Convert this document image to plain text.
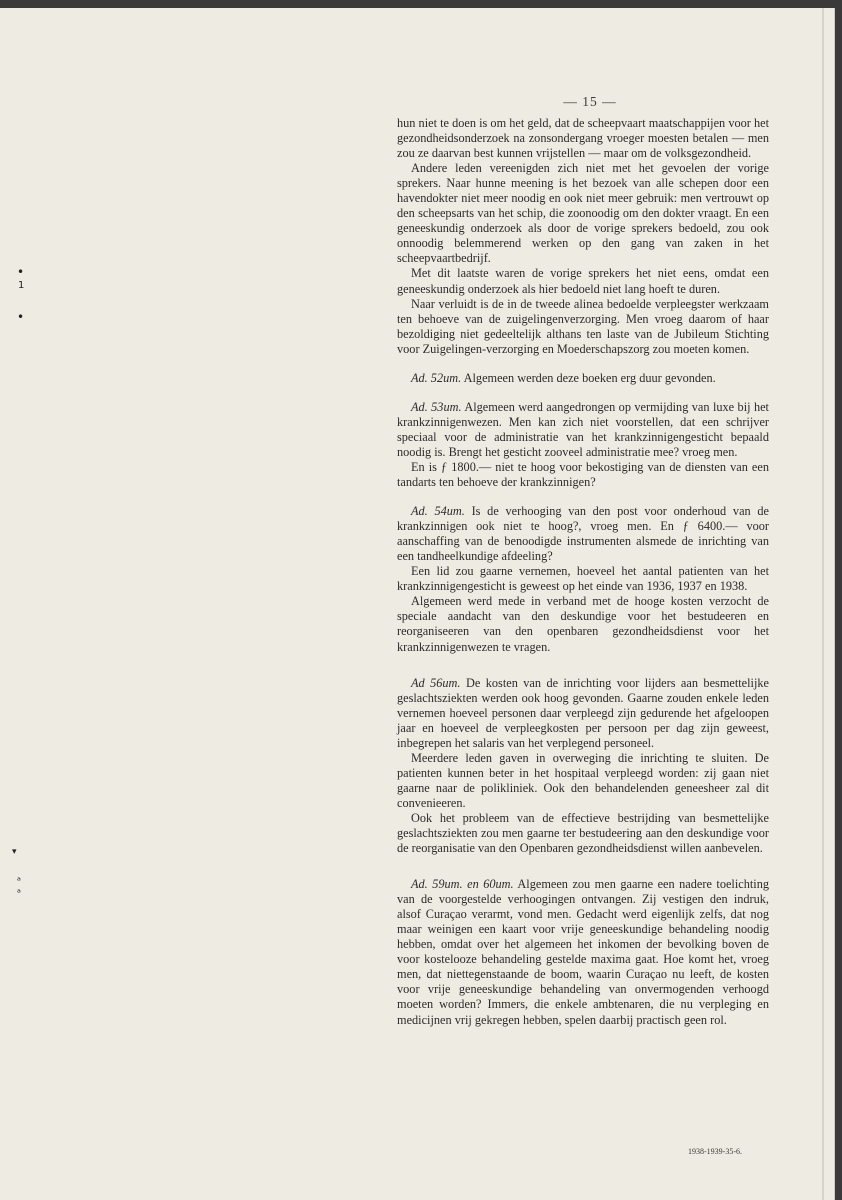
— 15 —
•
1
•
▾
ᵃ
ᵃ

hun niet te doen is om het geld, dat de scheepvaart maatschappijen voor het gezondheidsonderzoek na zonsondergang vroeger moesten betalen — men zou ze daarvan best kunnen vrijstellen — maar om de volksgezondheid.

Andere leden vereenigden zich niet met het gevoelen der vorige sprekers. Naar hunne meening is het bezoek van alle schepen door een havendokter niet meer noodig en ook niet meer gebruik: men vertrouwt op den scheepsarts van het schip, die zoonoodig om den dokter vraagt. En een geneeskundig onderzoek als door de vorige sprekers bedoeld, zou ook onnoodig belemmerend werken op den gang van zaken in het scheepvaartbedrijf.

Met dit laatste waren de vorige sprekers het niet eens, omdat een geneeskundig onderzoek als hier bedoeld niet lang hoeft te duren.

Naar verluidt is de in de tweede alinea bedoelde verpleegster werkzaam ten behoeve van de zuigelingenverzorging. Men vroeg daarom of haar bezoldiging niet gedeeltelijk althans ten laste van de Jubileum Stichting voor Zuigelingen-verzorging en Moederschapszorg zou moeten komen.

Ad. 52um. Algemeen werden deze boeken erg duur gevonden.

Ad. 53um. Algemeen werd aangedrongen op vermijding van luxe bij het krankzinnigenwezen. Men kan zich niet voorstellen, dat een schrijver speciaal voor de administratie van het krankzinnigengesticht bepaald noodig is. Brengt het gesticht zooveel administratie mee? vroeg men.

En is ƒ 1800.— niet te hoog voor bekostiging van de diensten van een tandarts ten behoeve der krankzinnigen?

Ad. 54um. Is de verhooging van den post voor onderhoud van de krankzinnigen ook niet te hoog?, vroeg men. En ƒ 6400.— voor aanschaffing van de benoodigde instrumenten alsmede de inrichting van een tandheelkundige afdeeling?

Een lid zou gaarne vernemen, hoeveel het aantal patienten van het krankzinnigengesticht is geweest op het einde van 1936, 1937 en 1938.

Algemeen werd mede in verband met de hooge kosten verzocht de speciale aandacht van den deskundige voor het bestudeeren en reorganiseeren van den openbaren gezondheidsdienst voor het krankzinnigenwezen te vragen.

Ad 56um. De kosten van de inrichting voor lijders aan besmettelijke geslachtsziekten werden ook hoog gevonden. Gaarne zouden enkele leden vernemen hoeveel personen daar verpleegd zijn gedurende het afgeloopen jaar en hoeveel de verpleegkosten per persoon per dag zijn geweest, inbegrepen het salaris van het verplegend personeel.

Meerdere leden gaven in overweging die inrichting te sluiten. De patienten kunnen beter in het hospitaal verpleegd worden: zij gaan niet gaarne naar de polikliniek. Ook den behandelenden geneesheer zal dit convenieeren.

Ook het probleem van de effectieve bestrijding van besmettelijke geslachtsziekten zou men gaarne ter bestudeering aan den deskundige voor de reorganisatie van den Openbaren gezondheidsdienst willen aanbevelen.

Ad. 59um. en 60um. Algemeen zou men gaarne een nadere toelichting van de voorgestelde verhoogingen ontvangen. Zij vestigen den indruk, alsof Curaçao verarmt, vond men. Gedacht werd eigenlijk zelfs, dat nog maar weinigen een kaart voor vrije geneeskundige behandeling noodig hebben, omdat over het algemeen het inkomen der bevolking boven de voor kostelooze behandeling gestelde maxima gaat. Hoe komt het, vroeg men, dat niettegenstaande de boom, waarin Curaçao nu leeft, de kosten voor vrije geneeskundige behandeling van onvermogenden verhoogd moeten worden? Immers, die enkele ambtenaren, die nu verpleging en medicijnen vrij gekregen hebben, spelen daarbij practisch geen rol.

1938-1939-35-6.
